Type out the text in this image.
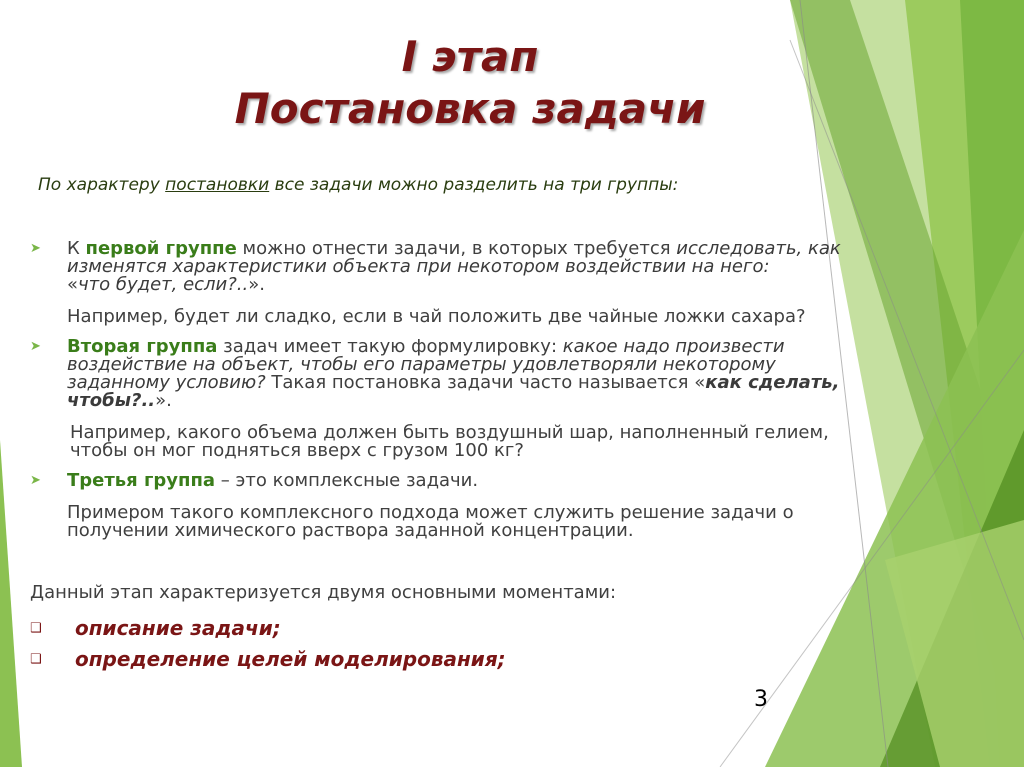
I этап
Постановка задачи
По характеру постановки все задачи можно разделить на три группы:
➤ К первой группе можно отнести задачи, в которых требуется исследовать, как
изменятся характеристики объекта при некотором воздействии на него:
«что будет, если?..».
Например, будет ли сладко, если в чай положить две чайные ложки сахара?
➤ Вторая группа задач имеет такую формулировку: какое надо произвести
воздействие на объект, чтобы его параметры удовлетворяли некоторому
заданному условию? Такая постановка задачи часто называется «как сделать,
чтобы?..».
Например, какого объема должен быть воздушный шар, наполненный гелием,
чтобы он мог подняться вверх с грузом 100 кг?
➤ Третья группа – это комплексные задачи.
Примером такого комплексного подхода может служить решение задачи о
получении химического раствора заданной концентрации.
Данный этап характеризуется двумя основными моментами:
❑ описание задачи;
❑ определение целей моделирования;
3
